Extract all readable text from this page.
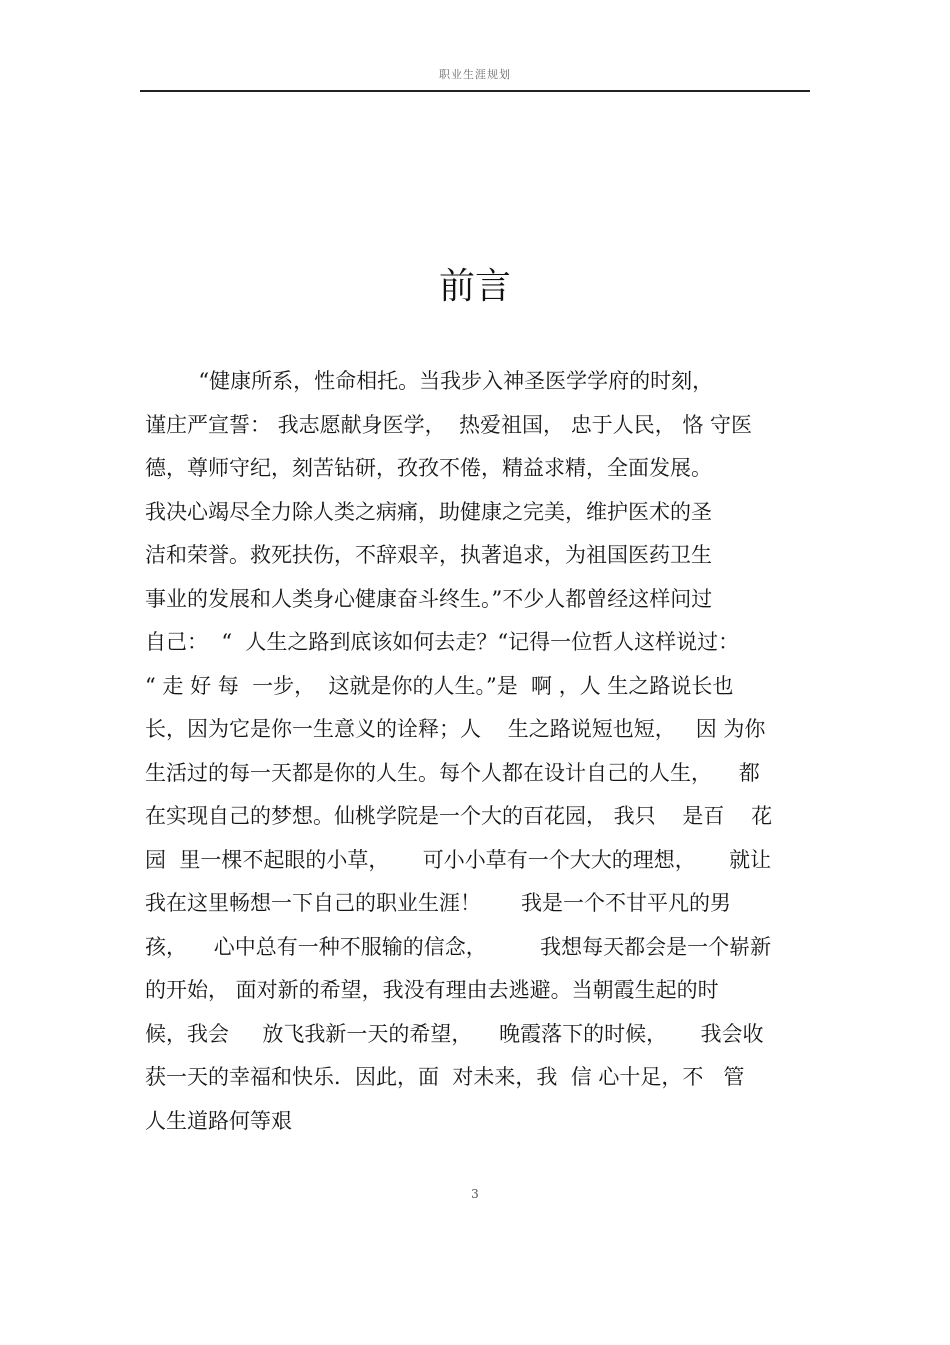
职业生涯规划
前言
“健康所系，性命相托。当我步入神圣医学学府的时刻，
谨庄严宣誓： 我志愿献身医学，  热爱祖国， 忠于人民， 恪 守医
德，尊师守纪，刻苦钻研，孜孜不倦，精益求精，全面发展。
我决心竭尽全力除人类之病痛，助健康之完美，维护医术的圣
洁和荣誉。救死扶伤，不辞艰辛，执著追求，为祖国医药卫生
事业的发展和人类身心健康奋斗终生。”不少人都曾经这样问过
自己：  “  人生之路到底该如何去走？“记得一位哲人这样说过：
“ 走 好 每  一步，  这就是你的人生。”是  啊 ，人 生之路说长也
长，因为它是你一生意义的诠释；人    生之路说短也短，   因 为你
生活过的每一天都是你的人生。每个人都在设计自己的人生，    都
在实现自己的梦想。仙桃学院是一个大的百花园， 我只    是百    花
园  里一棵不起眼的小草，     可小小草有一个大大的理想，     就让
我在这里畅想一下自己的职业生涯！      我是一个不甘平凡的男
孩，    心中总有一种不服输的信念，        我想每天都会是一个崭新
的开始， 面对新的希望，我没有理由去逃避。当朝霞生起的时
候，我会     放飞我新一天的希望，    晚霞落下的时候，     我会收
获一天的幸福和快乐．因此，面  对未来，我  信 心十足，不   管
人生道路何等艰
3
